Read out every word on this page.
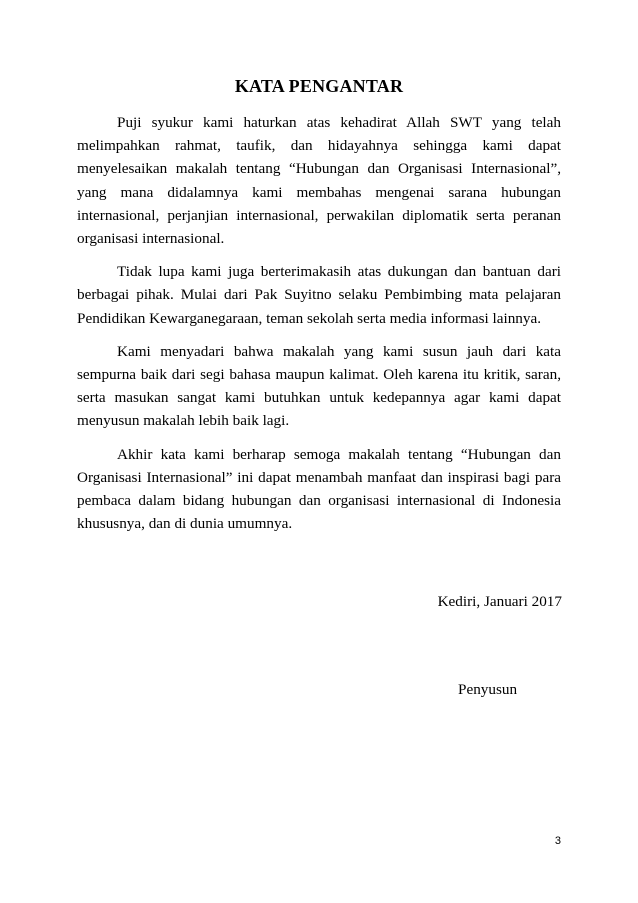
KATA PENGANTAR

Puji syukur kami haturkan atas kehadirat Allah SWT yang telah melimpahkan rahmat, taufik, dan hidayahnya sehingga kami dapat menyelesaikan makalah tentang “Hubungan dan Organisasi Internasional”, yang mana didalamnya kami membahas mengenai sarana hubungan internasional, perjanjian internasional, perwakilan diplomatik serta peranan organisasi internasional.

Tidak lupa kami juga berterimakasih atas dukungan dan bantuan dari berbagai pihak. Mulai dari Pak Suyitno selaku Pembimbing mata pelajaran Pendidikan Kewarganegaraan, teman sekolah serta media informasi lainnya.

Kami menyadari bahwa makalah yang kami susun jauh dari kata sempurna baik dari segi bahasa maupun kalimat. Oleh karena itu kritik, saran, serta masukan sangat kami butuhkan untuk kedepannya agar kami dapat menyusun makalah lebih baik lagi.

Akhir kata kami berharap semoga makalah tentang “Hubungan dan Organisasi Internasional” ini dapat menambah manfaat dan inspirasi bagi para pembaca dalam bidang hubungan dan organisasi internasional di Indonesia khususnya, dan di dunia umumnya.

Kediri, Januari 2017
Penyusun
3
